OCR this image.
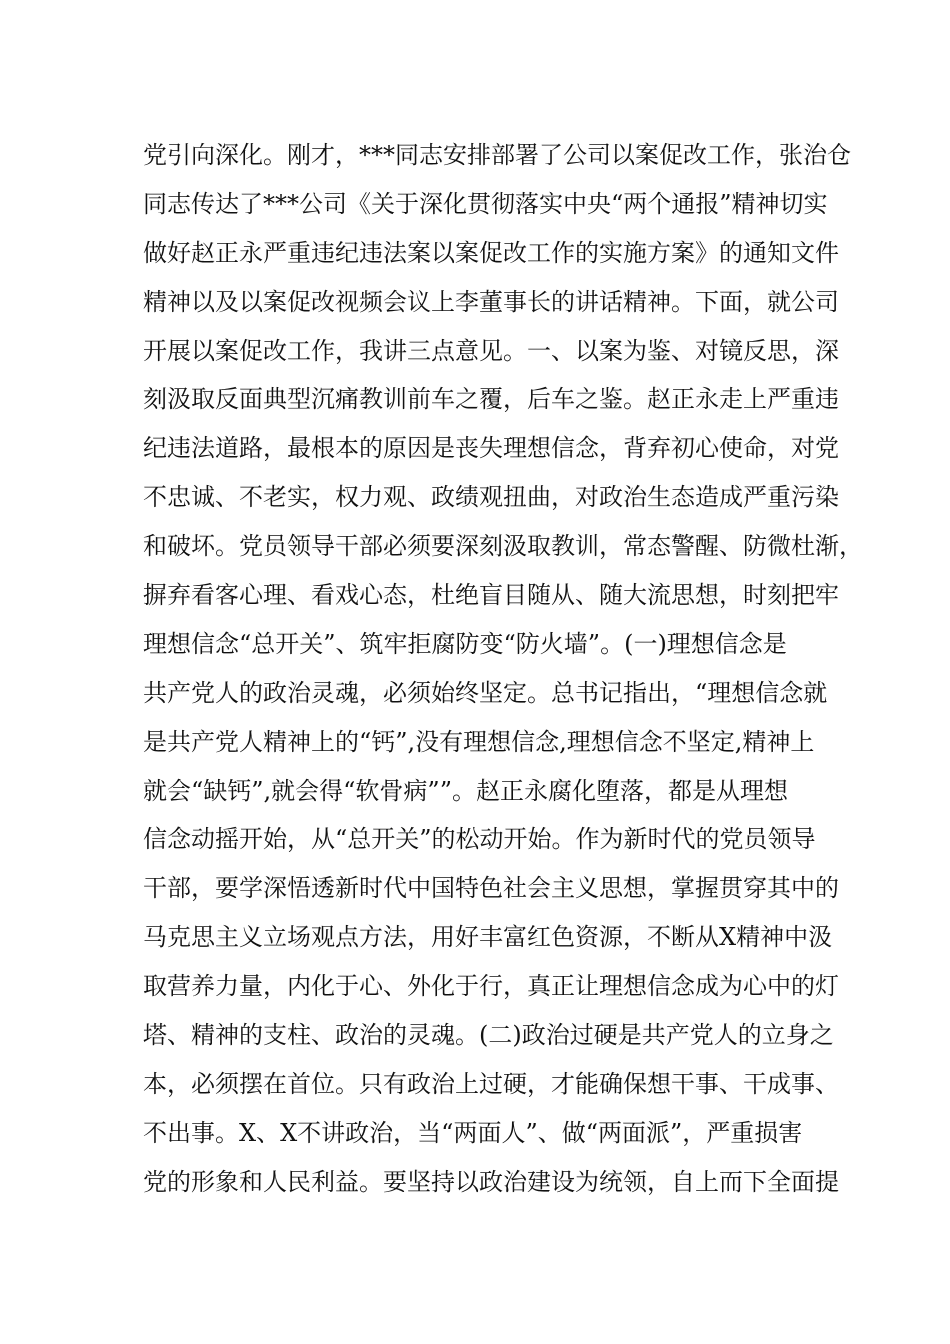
党引向深化。刚才，***同志安排部署了公司以案促改工作，张治仓
同志传达了***公司《关于深化贯彻落实中央“两个通报”精神切实
做好赵正永严重违纪违法案以案促改工作的实施方案》的通知文件
精神以及以案促改视频会议上李董事长的讲话精神。下面，就公司
开展以案促改工作，我讲三点意见。一、以案为鉴、对镜反思，深
刻汲取反面典型沉痛教训前车之覆，后车之鉴。赵正永走上严重违
纪违法道路，最根本的原因是丧失理想信念，背弃初心使命，对党
不忠诚、不老实，权力观、政绩观扭曲，对政治生态造成严重污染
和破坏。党员领导干部必须要深刻汲取教训，常态警醒、防微杜渐，
摒弃看客心理、看戏心态，杜绝盲目随从、随大流思想，时刻把牢
理想信念“总开关”、筑牢拒腐防变“防火墙”。(一)理想信念是
共产党人的政治灵魂，必须始终坚定。总书记指出，“理想信念就
是共产党人精神上的“钙”,没有理想信念,理想信念不坚定,精神上
就会“缺钙”,就会得“软骨病””。赵正永腐化堕落，都是从理想
信念动摇开始，从“总开关”的松动开始。作为新时代的党员领导
干部，要学深悟透新时代中国特色社会主义思想，掌握贯穿其中的
马克思主义立场观点方法，用好丰富红色资源，不断从X精神中汲
取营养力量，内化于心、外化于行，真正让理想信念成为心中的灯
塔、精神的支柱、政治的灵魂。(二)政治过硬是共产党人的立身之
本，必须摆在首位。只有政治上过硬，才能确保想干事、干成事、
不出事。X、X不讲政治，当“两面人”、做“两面派”，严重损害
党的形象和人民利益。要坚持以政治建设为统领，自上而下全面提
